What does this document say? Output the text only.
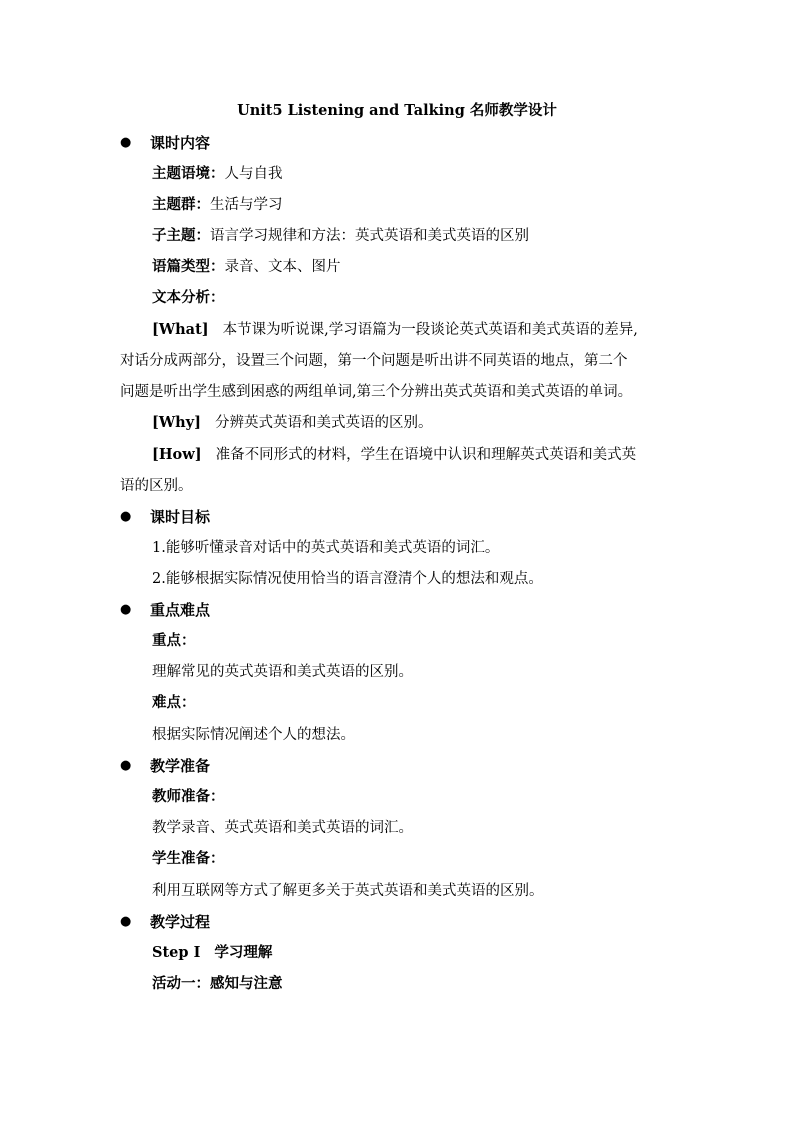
Unit5 Listening and Talking 名师教学设计
● 课时内容
主题语境：人与自我
主题群：生活与学习
子主题：语言学习规律和方法：英式英语和美式英语的区别
语篇类型：录音、文本、图片
文本分析：
[What] 本节课为听说课,学习语篇为一段谈论英式英语和美式英语的差异,
对话分成两部分，设置三个问题，第一个问题是听出讲不同英语的地点，第二个
问题是听出学生感到困惑的两组单词,第三个分辨出英式英语和美式英语的单词。
[Why] 分辨英式英语和美式英语的区别。
[How] 准备不同形式的材料，学生在语境中认识和理解英式英语和美式英
语的区别。
● 课时目标
1.能够听懂录音对话中的英式英语和美式英语的词汇。
2.能够根据实际情况使用恰当的语言澄清个人的想法和观点。
● 重点难点
重点：
理解常见的英式英语和美式英语的区别。
难点：
根据实际情况阐述个人的想法。
● 教学准备
教师准备：
教学录音、英式英语和美式英语的词汇。
学生准备：
利用互联网等方式了解更多关于英式英语和美式英语的区别。
● 教学过程
Step Ⅰ 学习理解
活动一：感知与注意
